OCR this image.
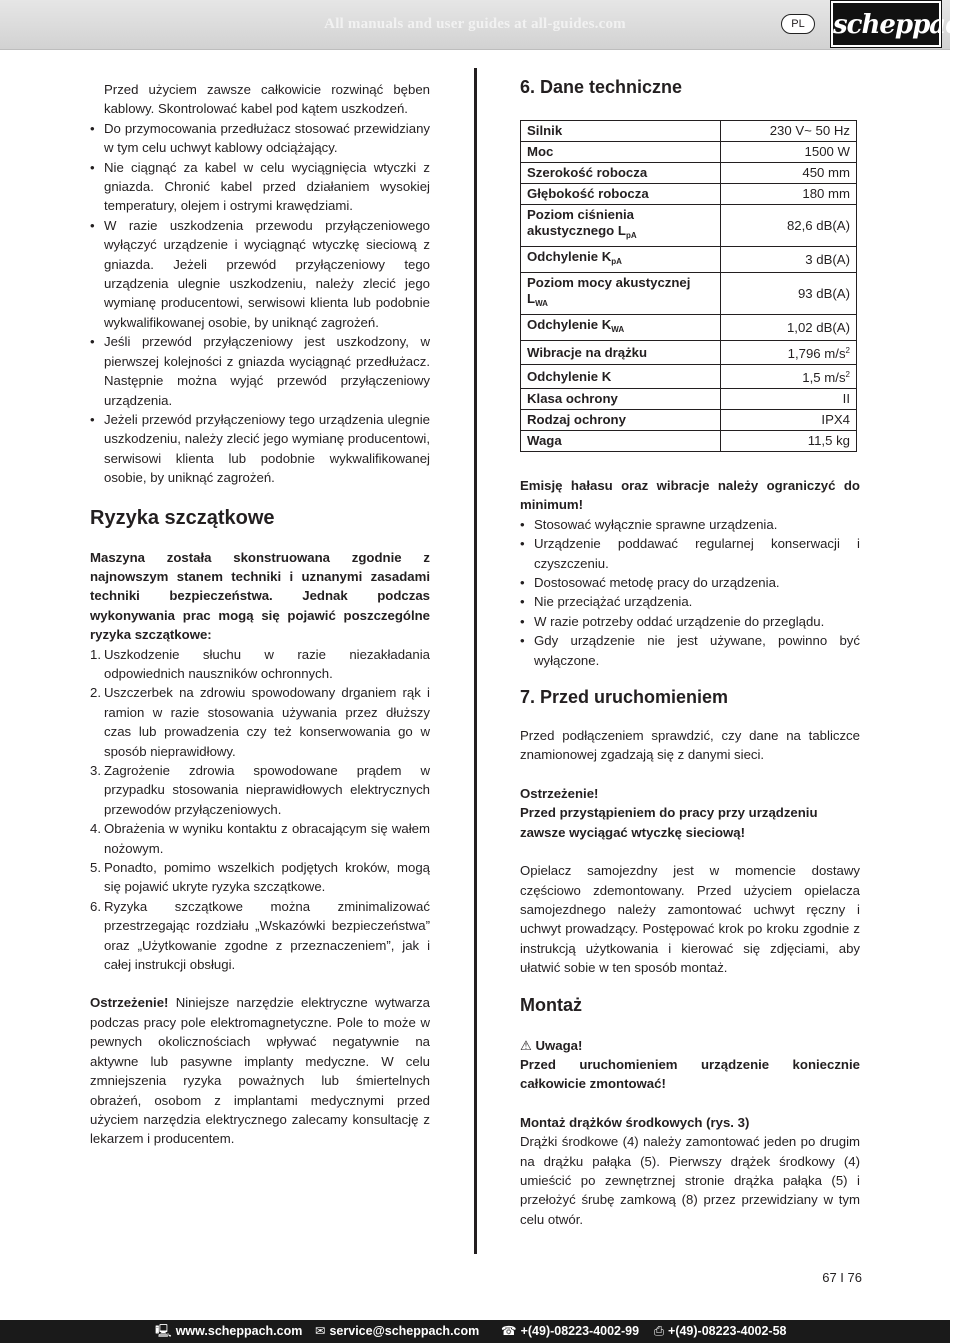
All manuals and user guides at all-guides.com	PL	scheppach

Przed użyciem zawsze całkowicie rozwinąć bęben kablowy. Skontrolować kabel pod kątem uszkodzeń.

• Do przymocowania przedłużacz stosować przewidziany w tym celu uchwyt kablowy odciążający.
• Nie ciągnąć za kabel w celu wyciągnięcia wtyczki z gniazda. Chronić kabel przed działaniem wysokiej temperatury, olejem i ostrymi krawędziami.
• W razie uszkodzenia przewodu przyłączeniowego wyłączyć urządzenie i wyciągnąć wtyczkę sieciową z gniazda. Jeżeli przewód przyłączeniowy tego urządzenia ulegnie uszkodzeniu, należy zlecić jego wymianę producentowi, serwisowi klienta lub podobnie wykwalifikowanej osobie, by uniknąć zagrożeń.
• Jeśli przewód przyłączeniowy jest uszkodzony, w pierwszej kolejności z gniazda wyciągnąć przedłużacz. Następnie można wyjąć przewód przyłączeniowy urządzenia.
• Jeżeli przewód przyłączeniowy tego urządzenia ulegnie uszkodzeniu, należy zlecić jego wymianę producentowi, serwisowi klienta lub podobnie wykwalifikowanej osobie, by uniknąć zagrożeń.
Ryzyka szczątkowe

Maszyna została skonstruowana zgodnie z najnowszym stanem techniki i uznanymi zasadami techniki bezpieczeństwa. Jednak podczas wykonywania prac mogą się pojawić poszczególne ryzyka szczątkowe:

1. Uszkodzenie słuchu w razie niezakładania odpowiednich nauszników ochronnych.
2. Uszczerbek na zdrowiu spowodowany drganiem rąk i ramion w razie stosowania używania przez dłuższy czas lub prowadzenia czy też konserwowania go w sposób nieprawidłowy.
3. Zagrożenie zdrowia spowodowane prądem w przypadku stosowania nieprawidłowych elektrycznych przewodów przyłączeniowych.
4. Obrażenia w wyniku kontaktu z obracającym się wałem nożowym.
5. Ponadto, pomimo wszelkich podjętych kroków, mogą się pojawić ukryte ryzyka szczątkowe.
6. Ryzyka szczątkowe można zminimalizować przestrzegając rozdziału „Wskazówki bezpieczeństwa” oraz „Użytkowanie zgodne z przeznaczeniem”, jak i całej instrukcji obsługi.

Ostrzeżenie! Niniejsze narzędzie elektryczne wytwarza podczas pracy pole elektromagnetyczne. Pole to może w pewnych okolicznościach wpływać negatywnie na aktywne lub pasywne implanty medyczne. W celu zmniejszenia ryzyka poważnych lub śmiertelnych obrażeń, osobom z implantami medycznymi przed użyciem narzędzia elektrycznego zalecamy konsultację z lekarzem i producentem.

6. Dane techniczne
Silnik	230 V~ 50 Hz
Moc	1500 W
Szerokość robocza	450 mm
Głębokość robocza	180 mm
Poziom ciśnienia akustycznego $L_{pA}$	82,6 dB(A)
Odchylenie $K_{pA}$	3 dB(A)
Poziom mocy akustycznej $L_{WA}$	93 dB(A)
Odchylenie $K_{WA}$	1,02 dB(A)
Wibracje na drążku	1,796 $m/s^2$
Odchylenie K	1,5 $m/s^2$
Klasa ochrony	II
Rodzaj ochrony	IPX4
Waga	11,5 kg

Emisję hałasu oraz wibracje należy ograniczyć do minimum!

• Stosować wyłącznie sprawne urządzenia.
• Urządzenie poddawać regularnej konserwacji i czyszczeniu.
• Dostosować metodę pracy do urządzenia.
• Nie przeciążać urządzenia.
• W razie potrzeby oddać urządzenie do przeglądu.
• Gdy urządzenie nie jest używane, powinno być wyłączone.
7. Przed uruchomieniem

Przed podłączeniem sprawdzić, czy dane na tabliczce znamionowej zgadzają się z danymi sieci.

Ostrzeżenie!

Przed przystąpieniem do pracy przy urządzeniu zawsze wyciągać wtyczkę sieciową!

Opielacz samojezdny jest w momencie dostawy częściowo zdemontowany. Przed użyciem opielacza samojezdnego należy zamontować uchwyt ręczny i uchwyt prowadzący. Postępować krok po kroku zgodnie z instrukcją użytkowania i kierować się zdjęciami, aby ułatwić sobie w ten sposób montaż.

Montaż

⚠ Uwaga!

Przed uruchomieniem urządzenie koniecznie całkowicie zmontować!

Montaż drążków środkowych (rys. 3)

Drążki środkowe (4) należy zamontować jeden po drugim na drążku pałąka (5). Pierwszy drążek środkowy (4) umieścić po zewnętrznej stronie drążka pałąka (5) i przełożyć śrubę zamkową (8) przez przewidziany w tym celu otwór.

67 I 76
🖳 www.scheppach.com ✉ service@scheppach.com ☎ +(49)-08223-4002-99 ⎙ +(49)-08223-4002-58
